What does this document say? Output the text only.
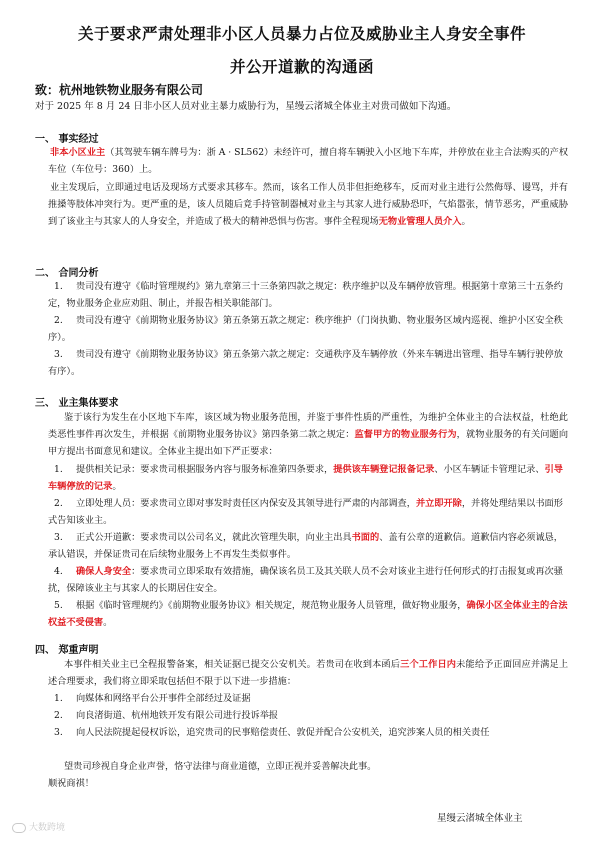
关于要求严肃处理非小区人员暴力占位及威胁业主人身安全事件
并公开道歉的沟通函
致：杭州地铁物业服务有限公司
对于 2025 年 8 月 24 日非小区人员对业主暴力威胁行为，星缦云渚城全体业主对贵司做如下沟通。
一、 事实经过
非本小区业主（其驾驶车辆车牌号为：浙 A · SL562）未经许可，擅自将车辆驶入小区地下车库，并停放在业主合法购买的产权车位（车位号：360）上。
业主发现后，立即通过电话及现场方式要求其移车。然而，该名工作人员非但拒绝移车，反而对业主进行公然侮辱、谩骂，并有推搡等肢体冲突行为。更严重的是，该人员随后竟手持管制器械对业主与其家人进行威胁恐吓，气焰嚣张，情节恶劣，严重威胁到了该业主与其家人的人身安全，并造成了极大的精神恐惧与伤害。事件全程现场无物业管理人员介入。
二、 合同分析
1. 贵司没有遵守《临时管理规约》第九章第三十三条第四款之规定：秩序维护以及车辆停放管理。根据第十章第三十五条约定，物业服务企业应劝阻、制止，并报告相关职能部门。
2. 贵司没有遵守《前期物业服务协议》第五条第五款之规定：秩序维护（门岗执勤、物业服务区域内巡视、维护小区安全秩序）。
3. 贵司没有遵守《前期物业服务协议》第五条第六款之规定：交通秩序及车辆停放（外来车辆进出管理、指导车辆行驶停放有序）。
三、 业主集体要求
鉴于该行为发生在小区地下车库，该区域为物业服务范围，并鉴于事件性质的严重性，为维护全体业主的合法权益，杜绝此类恶性事件再次发生，并根据《前期物业服务协议》第四条第二款之规定：监督甲方的物业服务行为，就物业服务的有关问题向甲方提出书面意见和建议。全体业主提出如下严正要求：
1. 提供相关记录：要求贵司根据服务内容与服务标准第四条要求，提供该车辆登记报备记录、小区车辆证卡管理记录、引导车辆停放的记录。
2. 立即处理人员：要求贵司立即对事发时责任区内保安及其领导进行严肃的内部调查，并立即开除，并将处理结果以书面形式告知该业主。
3. 正式公开道歉：要求贵司以公司名义，就此次管理失职，向业主出具书面的、盖有公章的道歉信。道歉信内容必须诚恳，承认错误，并保证贵司在后续物业服务上不再发生类似事件。
4. 确保人身安全：要求贵司立即采取有效措施，确保该名员工及其关联人员不会对该业主进行任何形式的打击报复或再次骚扰，保障该业主与其家人的长期居住安全。
5. 根据《临时管理规约》《前期物业服务协议》相关规定，规范物业服务人员管理，做好物业服务，确保小区全体业主的合法权益不受侵害。
四、 郑重声明
本事件相关业主已全程报警备案，相关证据已提交公安机关。若贵司在收到本函后三个工作日内未能给予正面回应并满足上述合理要求，我们将立即采取包括但不限于以下进一步措施：
1. 向媒体和网络平台公开事件全部经过及证据
2. 向良渚街道、杭州地铁开发有限公司进行投诉举报
3. 向人民法院提起侵权诉讼，追究贵司的民事赔偿责任、敦促并配合公安机关，追究涉案人员的相关责任
望贵司珍视自身企业声誉，恪守法律与商业道德，立即正视并妥善解决此事。
顺祝商祺！
星缦云渚城全体业主
大数跨境
